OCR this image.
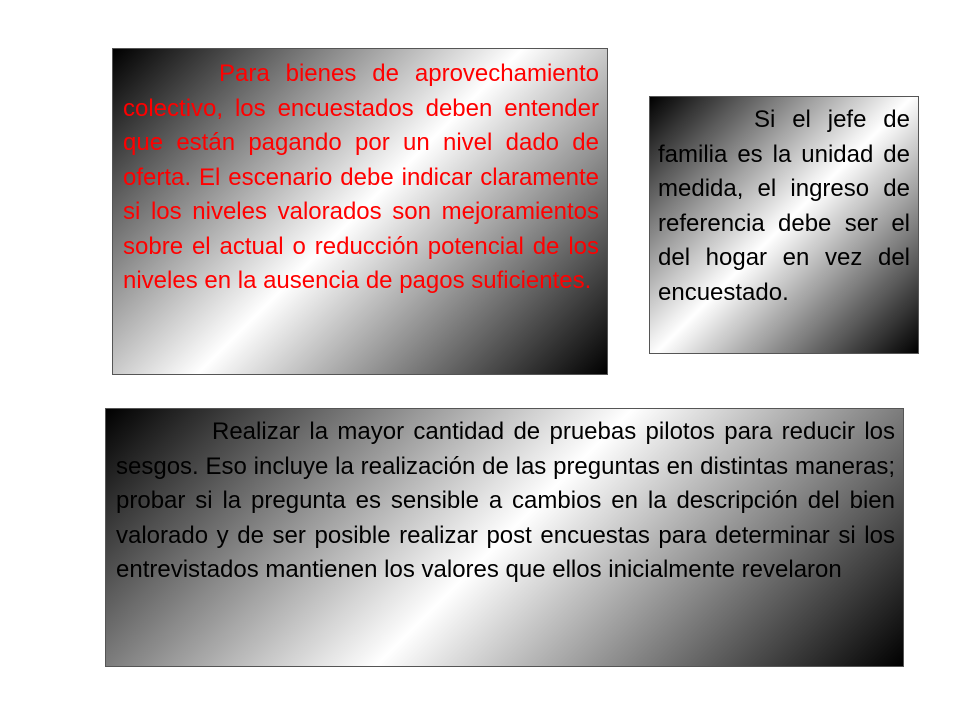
Para bienes de aprovechamiento colectivo, los encuestados deben entender que están pagando por un nivel dado de oferta. El escenario debe indicar claramente si los niveles valorados son mejoramientos sobre el actual o reducción potencial de los niveles en la ausencia de pagos suficientes.

Si el jefe de familia es la unidad de medida, el ingreso de referencia debe ser el del hogar en vez del encuestado.

Realizar la mayor cantidad de pruebas pilotos para reducir los sesgos. Eso incluye la realización de las preguntas en distintas maneras; probar si la pregunta es sensible a cambios en la descripción del bien valorado y de ser posible realizar post encuestas para determinar si los entrevistados mantienen los valores que ellos inicialmente revelaron
